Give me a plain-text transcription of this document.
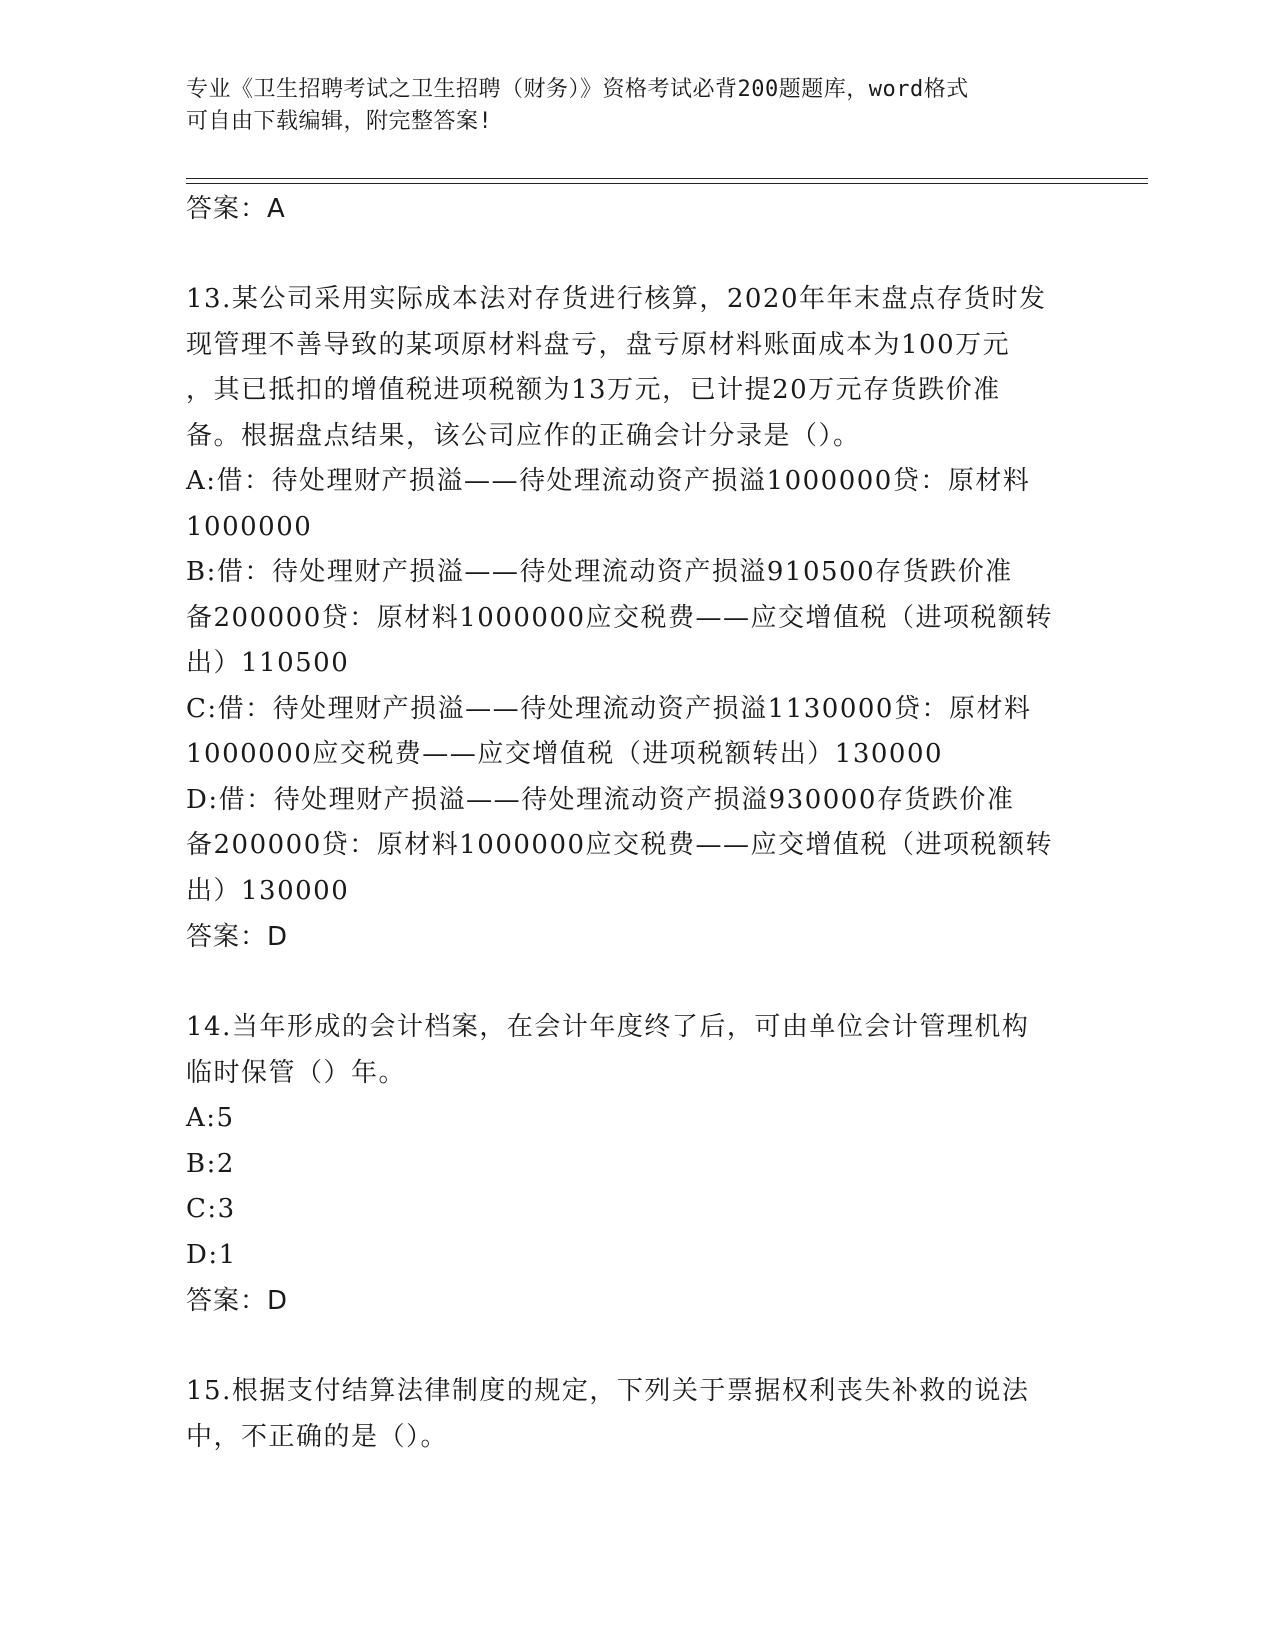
专业《卫生招聘考试之卫生招聘（财务）》资格考试必背200题题库，word格式
可自由下载编辑，附完整答案!
答案：A
13.某公司采用实际成本法对存货进行核算，2020年年末盘点存货时发
现管理不善导致的某项原材料盘亏，盘亏原材料账面成本为100万元
，其已抵扣的增值税进项税额为13万元，已计提20万元存货跌价准
备。根据盘点结果，该公司应作的正确会计分录是（）。
A:借：待处理财产损溢——待处理流动资产损溢1000000贷：原材料
1000000
B:借：待处理财产损溢——待处理流动资产损溢910500存货跌价准
备200000贷：原材料1000000应交税费——应交增值税（进项税额转
出）110500
C:借：待处理财产损溢——待处理流动资产损溢1130000贷：原材料
1000000应交税费——应交增值税（进项税额转出）130000
D:借：待处理财产损溢——待处理流动资产损溢930000存货跌价准
备200000贷：原材料1000000应交税费——应交增值税（进项税额转
出）130000
答案：D
14.当年形成的会计档案，在会计年度终了后，可由单位会计管理机构
临时保管（）年。
A:5
B:2
C:3
D:1
答案：D
15.根据支付结算法律制度的规定，下列关于票据权利丧失补救的说法
中，不正确的是（）。
